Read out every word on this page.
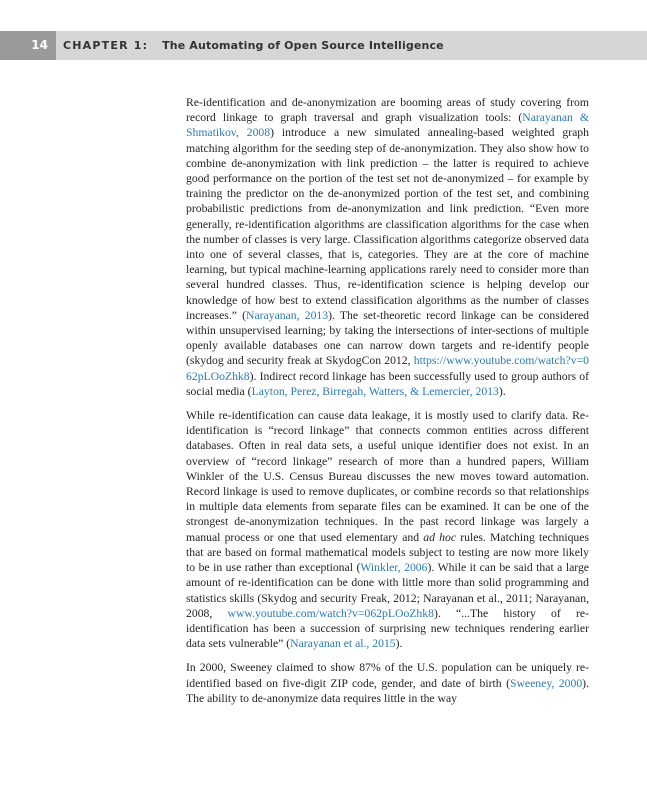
14	CHAPTER 1: The Automating of Open Source Intelligence

Re-identification and de-anonymization are booming areas of study covering from record linkage to graph traversal and graph visualization tools: (Narayanan & Shmatikov, 2008) introduce a new simulated annealing-based weighted graph matching algorithm for the seeding step of de-anonymization. They also show how to combine de-anonymization with link prediction – the latter is required to achieve good performance on the portion of the test set not de-anonymized – for example by training the predictor on the de-anonymized portion of the test set, and combining probabilistic predictions from de-anonymization and link prediction. “Even more generally, re-identification algorithms are classification algorithms for the case when the number of classes is very large. Classification algorithms categorize observed data into one of several classes, that is, categories. They are at the core of machine learning, but typical machine-learning applications rarely need to consider more than several hundred classes. Thus, re-identification science is helping develop our knowledge of how best to extend classification algorithms as the number of classes increases.” (Narayanan, 2013). The set-theoretic record linkage can be considered within unsupervised learning; by taking the intersections of inter-sections of multiple openly available databases one can narrow down targets and re-identify people (skydog and security freak at SkydogCon 2012, https://www.youtube.com/watch?v=062pLOoZhk8). Indirect record linkage has been successfully used to group authors of social media (Layton, Perez, Birregah, Watters, & Lemercier, 2013).

While re-identification can cause data leakage, it is mostly used to clarify data. Re-identification is “record linkage” that connects common entities across different databases. Often in real data sets, a useful unique identifier does not exist. In an overview of “record linkage” research of more than a hundred papers, William Winkler of the U.S. Census Bureau discusses the new moves toward automation. Record linkage is used to remove duplicates, or combine records so that relationships in multiple data elements from separate files can be examined. It can be one of the strongest de-anonymization techniques. In the past record linkage was largely a manual process or one that used elementary and ad hoc rules. Matching techniques that are based on formal mathematical models subject to testing are now more likely to be in use rather than exceptional (Winkler, 2006). While it can be said that a large amount of re-identification can be done with little more than solid programming and statistics skills (Skydog and security Freak, 2012; Narayanan et al., 2011; Narayanan, 2008, www.youtube.com/watch?v=062pLOoZhk8). “...The history of re-identification has been a succession of surprising new techniques rendering earlier data sets vulnerable” (Narayanan et al., 2015).

In 2000, Sweeney claimed to show 87% of the U.S. population can be uniquely re-identified based on five-digit ZIP code, gender, and date of birth (Sweeney, 2000). The ability to de-anonymize data requires little in the way
